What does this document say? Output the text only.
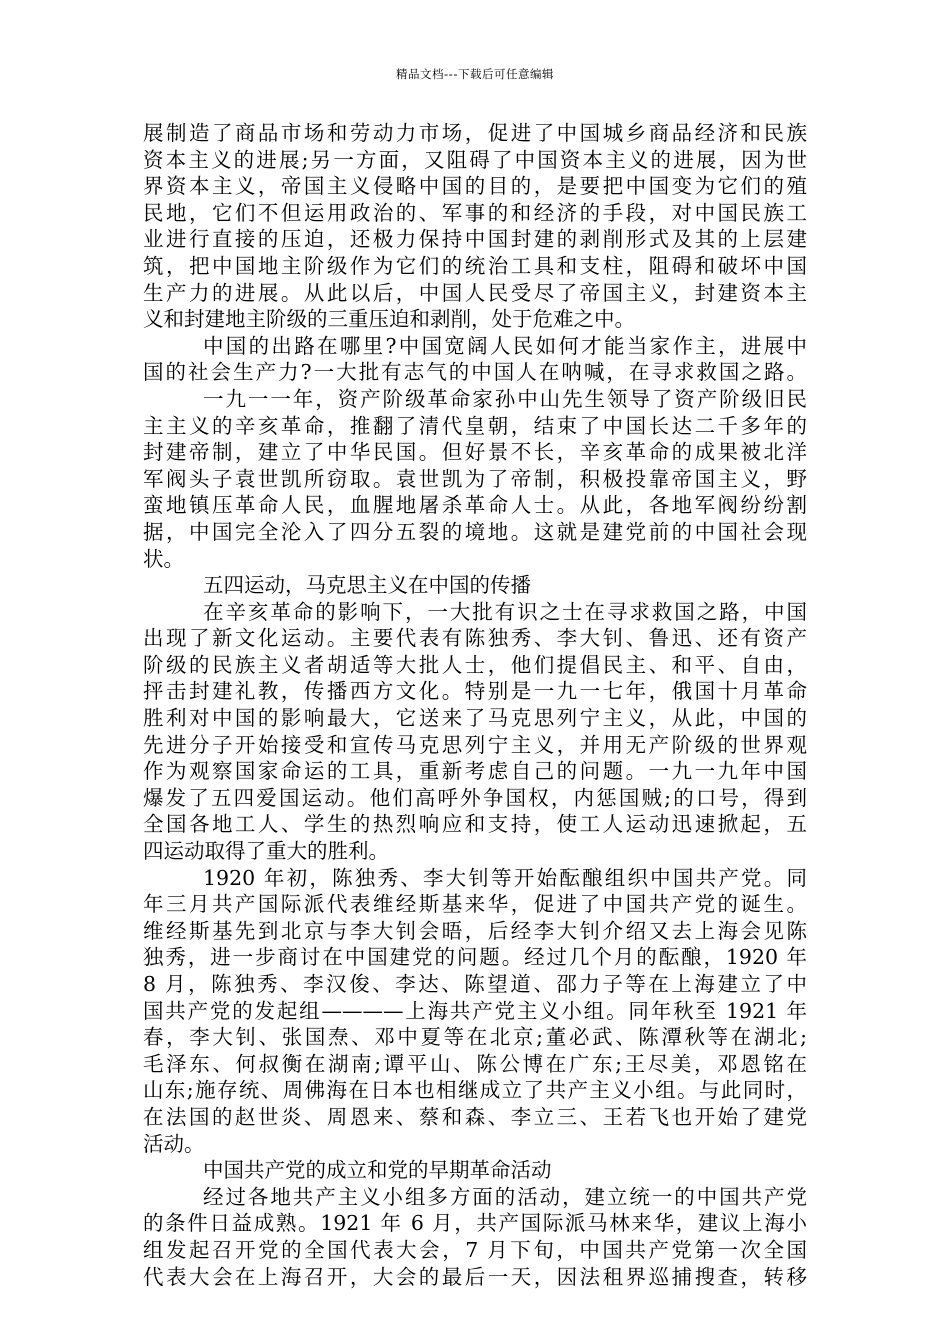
精品文档---下载后可任意编辑
展制造了商品市场和劳动力市场，促进了中国城乡商品经济和民族
资本主义的进展;另一方面，又阻碍了中国资本主义的进展，因为世
界资本主义，帝国主义侵略中国的目的，是要把中国变为它们的殖
民地，它们不但运用政治的、军事的和经济的手段，对中国民族工
业进行直接的压迫，还极力保持中国封建的剥削形式及其的上层建
筑，把中国地主阶级作为它们的统治工具和支柱，阻碍和破坏中国
生产力的进展。从此以后，中国人民受尽了帝国主义，封建资本主
义和封建地主阶级的三重压迫和剥削，处于危难之中。
中国的出路在哪里?中国宽阔人民如何才能当家作主，进展中
国的社会生产力?一大批有志气的中国人在呐喊，在寻求救国之路。
一九一一年，资产阶级革命家孙中山先生领导了资产阶级旧民
主主义的辛亥革命，推翻了清代皇朝，结束了中国长达二千多年的
封建帝制，建立了中华民国。但好景不长，辛亥革命的成果被北洋
军阀头子袁世凯所窃取。袁世凯为了帝制，积极投靠帝国主义，野
蛮地镇压革命人民，血腥地屠杀革命人士。从此，各地军阀纷纷割
据，中国完全沦入了四分五裂的境地。这就是建党前的中国社会现
状。
五四运动，马克思主义在中国的传播
在辛亥革命的影响下，一大批有识之士在寻求救国之路，中国
出现了新文化运动。主要代表有陈独秀、李大钊、鲁迅、还有资产
阶级的民族主义者胡适等大批人士，他们提倡民主、和平、自由，
抨击封建礼教，传播西方文化。特别是一九一七年，俄国十月革命
胜利对中国的影响最大，它送来了马克思列宁主义，从此，中国的
先进分子开始接受和宣传马克思列宁主义，并用无产阶级的世界观
作为观察国家命运的工具，重新考虑自己的问题。一九一九年中国
爆发了五四爱国运动。他们高呼外争国权，内惩国贼;的口号，得到
全国各地工人、学生的热烈响应和支持，使工人运动迅速掀起，五
四运动取得了重大的胜利。
1920 年初，陈独秀、李大钊等开始酝酿组织中国共产党。同
年三月共产国际派代表维经斯基来华，促进了中国共产党的诞生。
维经斯基先到北京与李大钊会晤，后经李大钊介绍又去上海会见陈
独秀，进一步商讨在中国建党的问题。经过几个月的酝酿，1920 年
8 月，陈独秀、李汉俊、李达、陈望道、邵力子等在上海建立了中
国共产党的发起组————上海共产党主义小组。同年秋至 1921 年
春，李大钊、张国焘、邓中夏等在北京;董必武、陈潭秋等在湖北;
毛泽东、何叔衡在湖南;谭平山、陈公博在广东;王尽美，邓恩铭在
山东;施存统、周佛海在日本也相继成立了共产主义小组。与此同时，
在法国的赵世炎、周恩来、蔡和森、李立三、王若飞也开始了建党
活动。
中国共产党的成立和党的早期革命活动
经过各地共产主义小组多方面的活动，建立统一的中国共产党
的条件日益成熟。1921 年 6 月，共产国际派马林来华，建议上海小
组发起召开党的全国代表大会，7 月下旬，中国共产党第一次全国
代表大会在上海召开，大会的最后一天，因法租界巡捕搜查，转移
